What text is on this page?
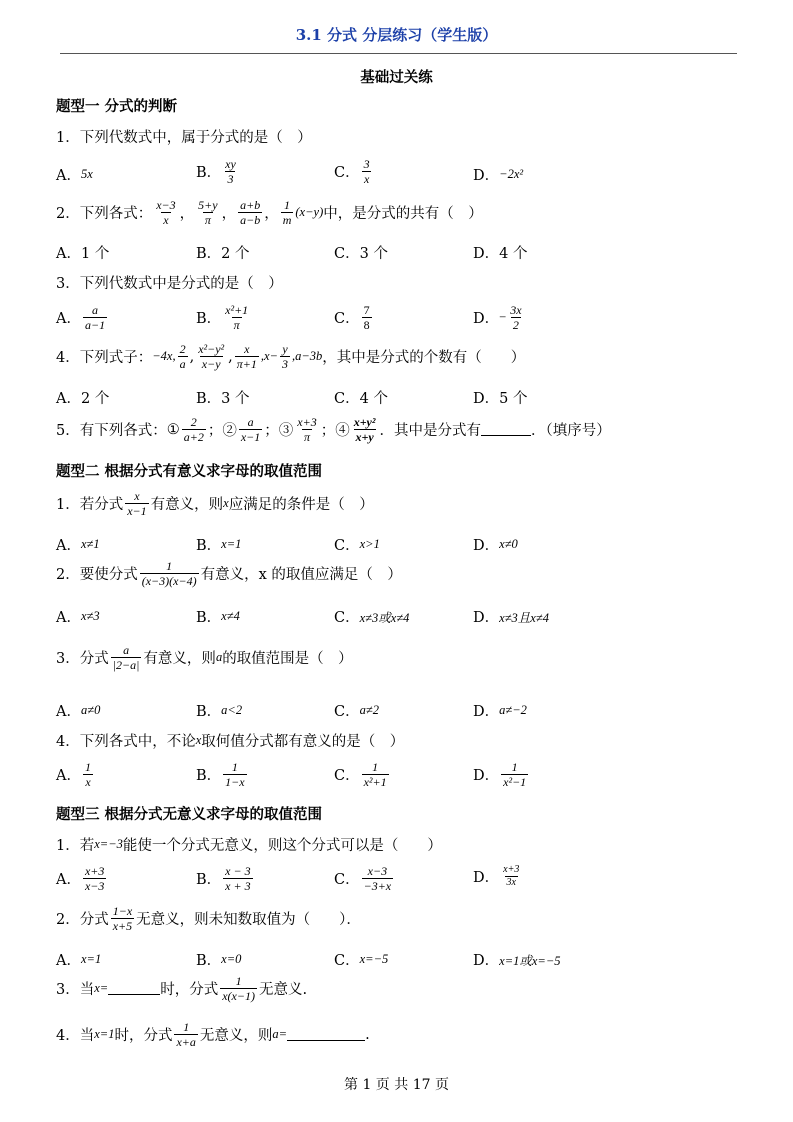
3.1 分式 分层练习（学生版）
基础过关练
题型一 分式的判断
1．下列代数式中，属于分式的是（　）
A． 5x	B．
xy
3	C．
3
x	D． −2x²
2．下列各式：
x−3
x ，
5+y
π ，
a+b
a−b ，
1
m
(x−y) 中，是分式的共有（　）
A．1 个	B．2 个	C．3 个	D．4 个
3．下列代数式中是分式的是（　）
A．
a
a−1	B．
x²+1
π	C．
7
8	D． − $\frac{3x}{2}$
4．下列式子： −4x, 2
a , x²−y²
x−y , x
π+1
$,x- \frac{y}{3} ,a-3b$ ，其中是分式的个数有（　　）
A．2 个	B．3 个	C．4 个	D．5 个
5．有下列各式： ① 2
a+2 ；②
a
x−1 ；③
x+3
π ；④
x+y²
x+y ．其中是分式有	．（填序号）
题型二 根据分式有意义求字母的取值范围
1．若分式
x
x−1 有意义，则 x 应满足的条件是（　）
A． x≠1	B． x=1	C． x>1	D． x≠0
2．要使分式
1
(x−3)(x−4) 有意义，x 的取值应满足（　）
A． x≠3	B． x≠4	C． x≠3或x≠4	D． x≠3且x≠4
3．分式
a
|2−a| 有意义，则 a 的取值范围是（　）
A． a≠0	B． a<2	C． a≠2	D． a≠−2
4．下列各式中，不论 x 取何值分式都有意义的是（　）
A．
1
x	B．
1
1−x	C．
1
x²+1	D．
1
x²−1
题型三 根据分式无意义求字母的取值范围
1．若 x=−3 能使一个分式无意义，则这个分式可以是（　　）
A．
x+3
x−3	B．
x − 3
x + 3	C．
x−3
−3+x	D．
x+3
3x
2．分式
1−x
x+5 无意义，则未知数取值为（　　）．
A． x=1	B． x=0	C． x=−5	D． x=1或x=−5
3．当 x=	时，分式
1
x(x−1) 无意义.
4．当 x=1 时，分式
1
x+a 无意义，则 a=	.
第 1 页 共 17 页
